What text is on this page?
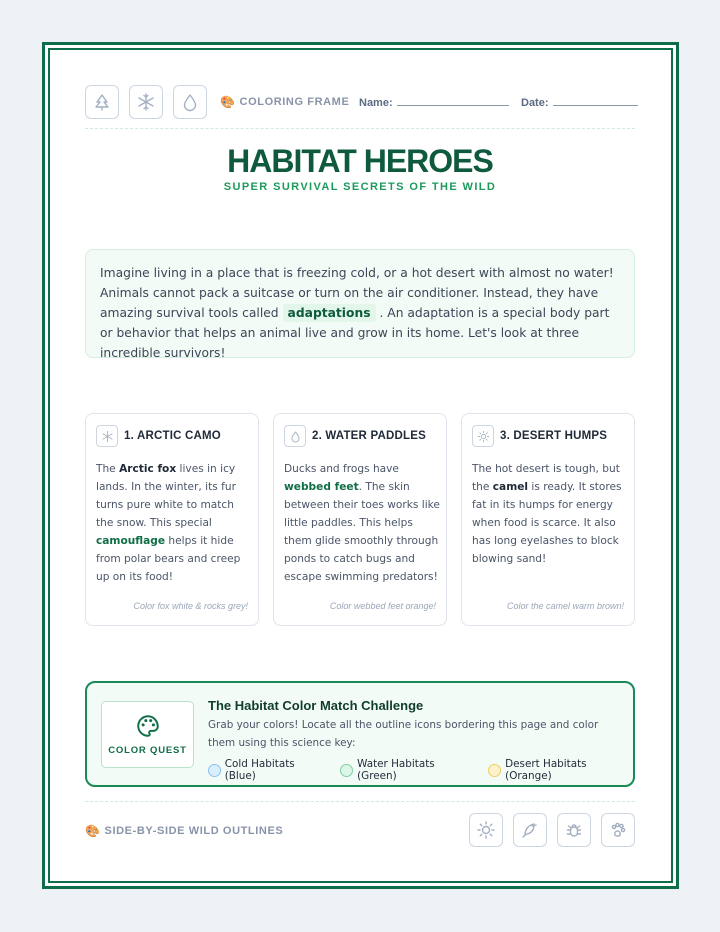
🎨 COLORING FRAME Name:	Date:
HABITAT HEROES
SUPER SURVIVAL SECRETS OF THE WILD
Imagine living in a place that is freezing cold, or a hot desert with almost no water! Animals cannot pack a suitcase or turn on the air conditioner. Instead, they have amazing survival tools called adaptations . An adaptation is a special body part or behavior that helps an animal live and grow in its home. Let's look at three incredible survivors!
1. ARCTIC CAMO
The Arctic fox lives in icy lands. In the winter, its fur turns pure white to match the snow. This special camouflage helps it hide from polar bears and creep up on its food!
Color fox white & rocks grey!
2. WATER PADDLES
Ducks and frogs have webbed feet. The skin between their toes works like little paddles. This helps them glide smoothly through ponds to catch bugs and escape swimming predators!
Color webbed feet orange!
3. DESERT HUMPS
The hot desert is tough, but the camel is ready. It stores fat in its humps for energy when food is scarce. It also has long eyelashes to block blowing sand!
Color the camel warm brown!
COLOR QUEST
The Habitat Color Match Challenge
Grab your colors! Locate all the outline icons bordering this page and color them using this science key:
Cold Habitats (Blue)
Water Habitats (Green)
Desert Habitats (Orange)
🎨 SIDE-BY-SIDE WILD OUTLINES
